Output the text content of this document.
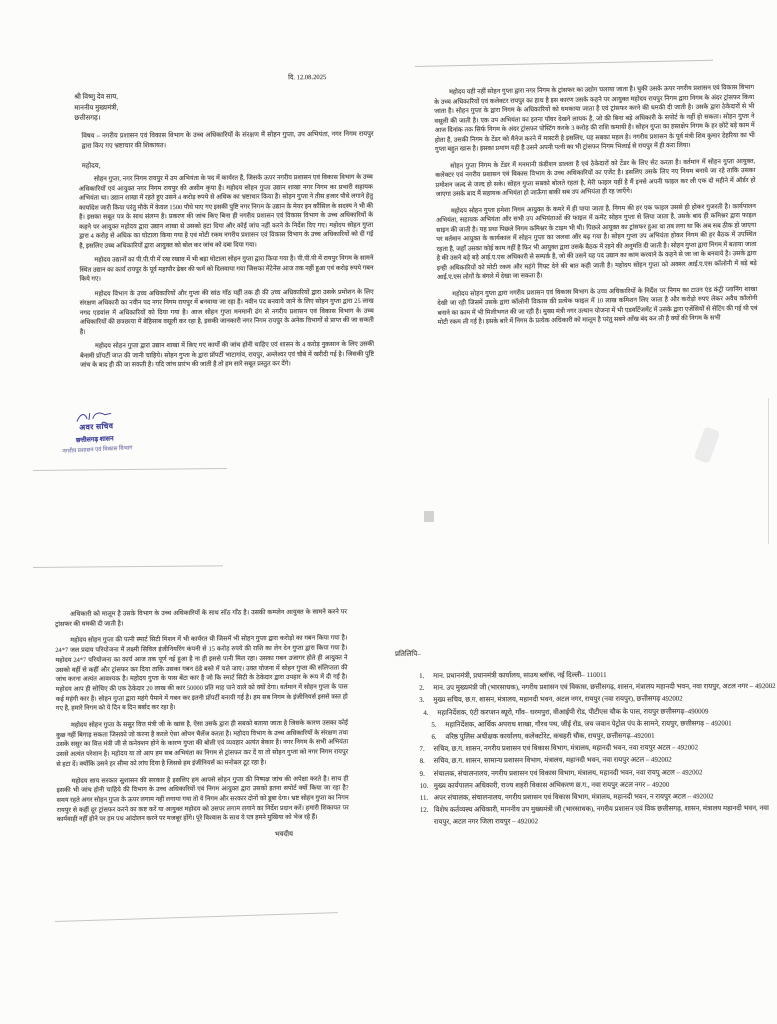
दि. 12.08.2025
श्री विष्णु देव साय,
माननीय मुख्यमंत्री,
छत्तीसगढ़।
विषय – नगरीय प्रशासन एवं विकास विभाग के उच्च अधिकारियों के संरक्षण में सोहन गुप्ता, उप अभियंता, नगर निगम रायपुर द्वारा किए गए भ्रष्टाचार की शिकायत।
महोदय,

सोहन गुप्ता, नगर निगम रायपुर में उप अभियंता के पद में कार्यरत है, जिसके ऊपर नगरीय प्रशासन एवं विकास विभाग के उच्च अधिकारियों एवं आयुक्त नगर निगम रायपुर की असीम कृपा है। महोदय सोहन गुप्ता उद्यान शाखा नगर निगम का प्रभारी सहायक अभियंता था। उद्यान शाखा में रहते हुए उसने 4 करोड़ रुपये से अधिक का भ्रष्टाचार किया है। सोहन गुप्ता ने तीस हजार पौधे लगाने हेतु कार्यादेश जारी किया परंतु मौके में केवल 1500 पौधे पाए गए इसकी पुष्टि नगर निगम के उद्यान के मेयर इन कौंसिल के सदस्य ने भी की है। इसका सबूत पत्र के साथ संलग्न है। प्रकरण की जांच किए बिना ही नगरीय प्रशासन एवं विकास विभाग के उच्च अधिकारियों के कहने पर आयुक्त महोदय द्वारा उद्यान शाखा से उसको हटा दिया और कोई जांच नहीं करने के निर्देश दिए गए। महोदय सोहन गुप्ता द्वारा 4 करोड़ से अधिक का घोटाला किया गया है एवं मोटी रकम नगरीय प्रशासन एवं विकास विभाग के उच्च अधिकारियों को दी गई है, इसलिए उच्च अधिकारियों द्वारा आयुक्त को बोल कर जांच को दबा दिया गया।

महोदय उद्यानों का पी.पी.पी में रख रखाव में भी बड़ा घोटाला सोहन गुप्ता द्वारा किया गया है। पी.पी.पी में रायपुर निगम के सामने स्थित उद्यान का कार्य रायपुर के पूर्व महापौर ढेबर की फर्म को दिलवाया गया जिसका मेंटेनेंस आज तक नहीं हुआ एवं करोड़ रुपये गबन किये गए।

महोदय विभाग के उच्च अधिकारियों और गुप्ता की सांठ गाँठ यहीं तक ही की उच्च अधिकारियों द्वारा उसके प्रमोशन के लिए संरक्षण अधिकारी का नवीन पद नगर निगम रायपुर में बनवाया जा रहा है। नवीन पद बनवाये जाने के लिए सोहन गुप्ता द्वारा 25 लाख नगद एडवांस में अधिकारियों को दिया गया है। आज सोहन गुप्ता मनमानी ढंग से नगरीय प्रशासन एवं विकास विभाग के उच्च अधिकारियों की छत्रछाया में बेहिसाब वसूली कर रहा है, इसकी जानकारी नगर निगम रायपुर के अनेक विभागों से प्राप्त की जा सकती है।

महोदय सोहन गुप्ता द्वारा उद्यान शाखा में किए गए कार्यों की जांच होनी चाहिए एवं शासन के 4 करोड़ नुकसान के लिए उसकी बेनामी प्रॉपर्टी जप्त की जानी चाहिये। सोहन गुप्ता के द्वारा प्रॉपर्टी भाटागांव, रायपुर, अम्लेश्वर एवं चौबे में खरीदी गई है। जिसकी पुष्टि जांच के बाद ही की जा सकती है। यदि जांच प्रारंभ की जाती है तो हम सारे सबूत प्रस्तुत कर देंगे।

अवर सचिव
छत्तीसगढ़ शासन
नगरीय प्रशासन एवं विकास विभाग

महोदय यही नहीं सोहन गुप्ता द्वारा नगर निगम के ट्रांसफर का उद्योग चलाया जाता है। चुकी उसके ऊपर नगरीय प्रशासन एवं विकास विभाग के उच्च अधिकारियों एवं कलेक्टर रायपुर का हाथ है इस कारण उसके कहने पर आयुक्त महोदय रायपुर निगम द्वारा निगम के अंदर ट्रांसफर किया जाता है। सोहन गुप्ता के द्वारा निगम के अधिकारियों को धमकाया जाता है एवं ट्रांसफर करने की धमकी दी जाती है। उसके द्वारा ठेकेदारों से भी वसूली की जाती है। एक उप अभियंता का इतना पॉवर देखने लायक है, जो की बिना बड़े अधिकारी के सपोर्ट के नहीं हो सकता। सोहन गुप्ता ने आज दिनांक तक सिर्फ निगम के अंदर ट्रांसफर पोस्टिंग करके 3 करोड़ की राशि कमायी है। सोहन गुप्ता का हस्तक्षेप निगम के हर छोटे बड़े काम में होता है, उसकी निगम के टेंडर को मैनेज करने में मास्टरी है इसलिए, यह सबका महल है। नगरीय प्रशासन के पूर्व मंत्री शिव कुमार डेहरिया का भी गुप्ता बहुत खास है। इसका प्रमाण यही है उसने अपनी पत्नी का भी ट्रांसफर निगम भिलाई से रायपुर में ही करा लिया।

सोहन गुप्ता निगम के टेंडर में मनमानी कंडीशन डालता है एवं ठेकेदारों को टेंडर के लिए सेट करता है। वर्तमान में सोहन गुप्ता आयुक्त, कलेक्टर एवं नगरीय प्रशासन एवं विकास विभाग के उच्च अधिकारियों का एजेंट है। इसलिए उसके लिए नए नियम बनाये जा रहे ताकि उसका प्रमोशन जल्द से जल्द हो सके। सोहन गुप्ता सबको बोलते रहता है, मेरी फाइल यहीं है मैं इनसे अपनी फाइल कर ली एक दो महीने में ऑर्डर हो जाएगा उसके बाद मैं सहायक अभियंता हो जाऊँगा बाकी सब उप अभियंता ही रह जाएँगे।

महोदय सोहन गुप्ता हमेशा निगम आयुक्त के कमरे में ही पाया जाता है, निगम की हर एक फाइल उससे ही होकर गुजरती है। कार्यपालन अभियंता, सहायक अभियंता और सभी उप अभियंताओं की फाइल में कमेंट सोहन गुप्ता से लिया जाता है, उसके बाद ही कमिश्नर द्वारा फाइल साइन की जाती है। यह प्रथा पिछले निगम कमिश्नर के टाइम भी थी। पिछले आयुक्त का ट्रांसफर हुआ था तब लगा था कि अब सब ठीक हो जाएगा पर वर्तमान आयुक्त के कार्यकाल में सोहन गुप्ता का जलवा और बढ़ गया है। सोहन गुप्ता उप अभियंता होकर निगम की हर बैठक में उपस्थित रहता है, जहाँ उसका कोई काम नहीं है फिर भी आयुक्त द्वारा उसके बैठक में रहने की अनुमति दी जाती है। सोहन गुप्ता द्वारा निगम में बताया जाता है की उसने बड़े बड़े आई.ए.एस अधिकारी से सम्पर्क है, जो की उसने यह पद उद्यान का काम करवाने के कहने से जा जा के बनवाये है। उसके द्वारा इन्ही अधिकारियों को मोटी रकम और महंगे गिफ्ट देने की बात कही जाती है। महोदय सोहन गुप्ता को अक्सर आई.ए.एस कॉलोनी में बड़े बड़े आई.ए.एस लोगों के बंगले में देखा जा सकता है।

महोदय सोहन गुप्ता द्वारा नगरीय प्रशासन एवं विकास विभाग के उच्च अधिकारियों के निर्देश पर निगम का टाउन एंड कंट्री प्लानिंग शाखा देखी जा रही जिसमें उसके द्वारा कॉलोनी विकास की प्रत्येक फाइल में 10 लाख कमिशन लिए जाता है और करोड़ो रुपए लेकर अवैध कॉलोनी बनाने का काम में भी मिलीभगत की जा रही है। मुख्य मंत्री नगर उत्थान योजना में भी एडवर्टिजमेंट में उसके द्वारा एजेंसियों से सेटिंग की गई थी एवं मोटी रकम ली गई है। इसके बारे में निगम के प्रत्येक अधिकारी को मालूम है परंतु सबने आँख बंद कर ली है क्यों की निगम के सभी

अधिकारी को मालूम है उसके विभाग के उच्च अधिकारियों के साथ सॉठ गाँठ है। उसकी कम्प्लेन आयुक्त के सामने करने पर ट्रांसफर की धमकी दी जाती है।

महोदय सोहन गुप्ता की पत्नी स्मार्ट सिटी मिशन में भी कार्यरत थी जिसमें भी सोहन गुप्ता द्वारा करोड़ो का गबन किया गया है। 24*7 जल प्रदाय परियोजना में लक्ष्मी सिविल इंजीनियरिंग कंपनी से 15 करोड़ रुपये की राशि का लेन देन गुप्ता द्वारा किया गया है। महोदय 24*7 परियोजना का कार्य आज तक पूर्ण नई हुआ है ना ही इससे पानी मिल रहा। उसका गबन उजागर होते ही आयुक्त ने उसको वहीं से कहीं और ट्रांसफर कर दिया ताकि उसका गबन ठंडे बस्ते में चले जाए। उक्त योजना में सोहन गुप्ता की संलिप्तता की जांच करना अत्यंत आवश्यक है। महोदय गुप्ता के पास बेंटा कार है जो कि स्मार्ट सिटी के ठेकेदार द्वारा उपहार के रूप में दी गई है। महोदय आप ही सोचिए की एक ठेकेदार 20 लाख की कार 50000 प्रति माह पाने वाले को क्यों देगा। वर्तमान में सोहन गुप्ता के पास कई महंगी कार है। सोहन गुप्ता द्वारा महंगे पैमाने में गबन कर इतनी प्रॉपर्टी बनायी गई है। हम सब निगम के इंजीनियर्स इससे त्रस्त हो गए है, हमारे निगम को ये दिन ब दिन बर्बाद कर रहा है।

महोदय सोहन गुप्ता के ससुर वित्त मंत्री जी के खास है, ऐसा उसके द्वारा ही सबको बताया जाता है जिसके कारण उसका कोई कुछ नहीं बिगाड़ सकता जिसको जो करना है करले ऐसा ओपन चैलेंज करता है। महोदय विभाग के उच्च अधिकारियों के संरक्षण तथा उसके ससुर का वित्त मंत्री जी से कनेक्शन होने के कारण गुप्ता की बोली एवं व्यवहार अत्यंत बेकार है। नगर निगम के सभी अभियंता उससे अत्यंत परेशान है। महोदय या तो आप हम सब अभियंता का निगम से ट्रांसफर कर दें या तो सोहन गुप्ता को नगर निगम रायपुर से हटा दें। क्योंकि उसने हर सीमा को लांघ दिया है जिससे हम इंजीनियर्स का मनोबल टूट रहा है।

महोदय साय सरकार सुशासन की सरकार है इसलिए हम आपसे सोहन गुप्ता की निष्पक्ष जांच की अपेक्षा करते है। साथ ही इसकी भी जांच होनी चाहिये की विभाग के उच्च अधिकारियों एवं निगम आयुक्त द्वारा उसको इतना सपोर्ट क्यों किया जा रहा है? समय रहते अगर सोहन गुप्ता के ऊपर लगाम नहीं लगाया गया तो ये निगम और सरकार दोनों को डूबा देगा। भ्रष्ट सोहन गुप्ता का निगम रायपुर से कहीं दूर ट्रांसफर करने का कष्ट करें या आयुक्त महोदय को उसपर लगाम लगाने का निर्देश प्रदान करें। हमारी शिकायत पर कार्यवाही नहीं होने पर हम पथ आंदोलन करने पर मजबूर होंगे। पूरे विश्वास के साथ ये पत्र हमने मुखिया को भेज रहे हैं।

भवदीय
प्रतिलिपि–
1.	मान. प्रधानमंत्री, प्रधानमंत्री कार्यालय, साउथ ब्लॉक, नई दिल्ली– 110011
2.	मान. उप मुख्यमंत्री जी (भारसाधक), नगरीय प्रशासन एवं विकास, छत्तीसगढ़, शासन, मंत्रालय महानदी भवन, नवा रायपुर, अटल नगर – 492002
3.	मुख्य सचिव, छ.ग. शासन, मंत्रालय, महानदी भवन, अटल नगर, रायपुर (नवा रायपुर), छत्तीसगढ़ 492002
4.	महानिर्देशक, एंटी करप्शन ब्यूरो, गाँव– धरमपुरा, वीआईपी रोड, पीटीएस चौक के पास, रायपुर छत्तीसगढ़–490009
5.	महानिर्देशक, आर्थिक अपराध शाखा, गौरव पथ, जीई रोड, जय जवान पेट्रोल पंप के सामने, रायपुर, छत्तीसगढ़ – 492001
6.	वरिष्ठ पुलिस अधीक्षक कार्यालय, कलेक्टोरेट, कचहरी चौक, रायपुर, छत्तीसगढ़–492001
7.	सचिव, छ.ग. शासन, नगरीय प्रशासन एवं विकास विभाग, मंत्रालय, महानदी भवन, नवा रायपुर अटल – 492002
8.	सचिव, छ.ग. शासन, सामान्य प्रशासन विभाग, मंत्रालय, महानदी भवन, नवा रायपुर अटल – 492002
9.	संचालक, संचालनालय, नगरीय प्रशासन एवं विकास विभाग, मंत्रालय, महानदी भवन, नवा रायपु अटल – 492002
10. मुख्य कार्यपालन अधिकारी, राज्य शहरी विकास अभिकरण छ.ग., नवा रायपुर अटल नगर – 49200
11. अपर संचालक, संचालनालय, नगरीय प्रशासन एवं विकास विभाग, मंत्रालय, महानदी भवन, न रायपुर अटल – 492002
12. विशेष कर्तव्यस्थ अधिकारी, माननीय उप मुख्यमंत्री जी (भारसाधक), नगरीय प्रशासन एवं विक छत्तीसगढ़, शासन, मंत्रालय महानदी भवन, नवा रायपुर, अटल नगर जिला रायपुर – 492002
